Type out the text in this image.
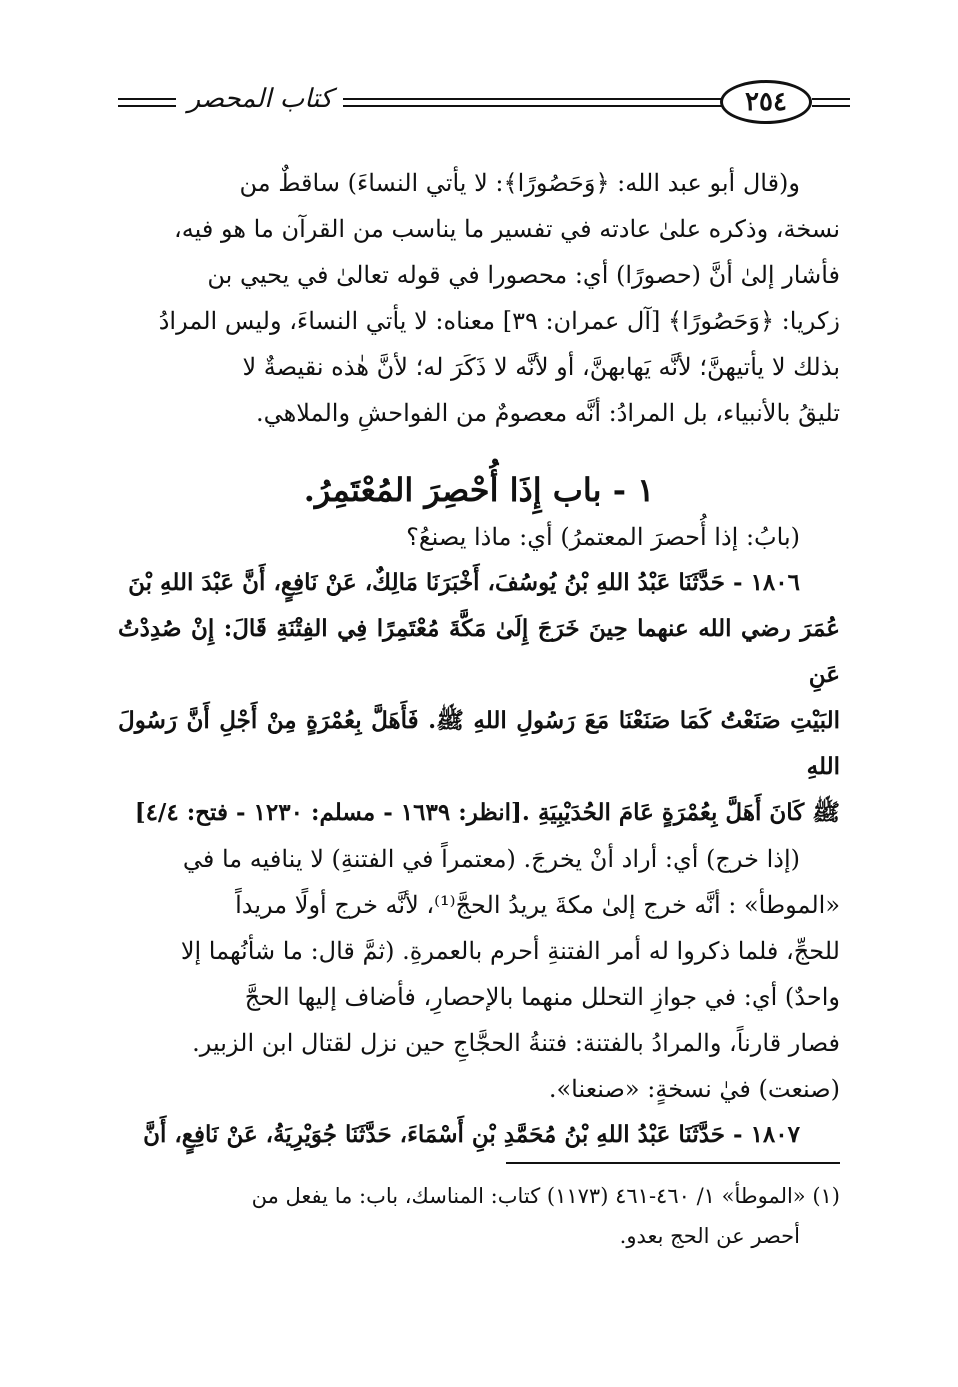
كتاب المحصر	٢٥٤

و(قال أبو عبد الله: ﴿وَحَصُورًا﴾: لا يأتي النساءَ) ساقطٌ من
نسخة، وذكره علىٰ عادته في تفسير ما يناسب من القرآن ما هو فيه،
فأشار إلىٰ أنَّ (حصورًا) أي: محصورا في قوله تعالىٰ في يحيي بن
زكريا: ﴿وَحَصُورًا﴾ [آل عمران: ٣٩] معناه: لا يأتي النساءَ، وليس المرادُ
بذلك لا يأتيهنَّ؛ لأنَّه يَهابهنَّ، أو لأنَّه لا ذَكَرَ له؛ لأنَّ هٰذه نقيصةٌ لا
تليقُ بالأنبياء، بل المرادُ: أنَّه معصومٌ من الفواحشِ والملاهي.

١ - باب إِذَا أُحْصِرَ المُعْتَمِرُ.

(بابُ: إذا أُحصرَ المعتمرُ) أي: ماذا يصنعُ؟

١٨٠٦ - حَدَّثَنَا عَبْدُ اللهِ بْنُ يُوسُفَ، أَخْبَرَنَا مَالِكٌ، عَنْ نَافِعٍ، أَنَّ عَبْدَ اللهِ بْنَ
عُمَرَ رضي الله عنهما حِينَ خَرَجَ إِلَىٰ مَكَّةَ مُعْتَمِرًا فِي الفِتْنَةِ قَالَ: إِنْ صُدِدْتُ عَنِ
البَيْتِ صَنَعْتُ كَمَا صَنَعْنَا مَعَ رَسُولِ اللهِ ﷺ. فَأَهَلَّ بِعُمْرَةٍ مِنْ أَجْلِ أَنَّ رَسُولَ اللهِ
ﷺ كَانَ أَهَلَّ بِعُمْرَةٍ عَامَ الحُدَيْبِيَةِ .[انظر: ١٦٣٩ - مسلم: ١٢٣٠ - فتح: ٤/٤]

(إذا خرج) أي: أراد أنْ يخرجَ. (معتمراً في الفتنةِ) لا ينافيه ما في
«الموطأ» : أنَّه خرج إلىٰ مكةَ يريدُ الحجَّ⁽¹⁾، لأنَّه خرج أولًا مريداً
للحجِّ، فلما ذكروا له أمر الفتنةِ أحرم بالعمرةِ. (ثمَّ قال: ما شأنُهما إلا
واحدٌ) أي: في جوازِ التحلل منهما بالإحصارِ، فأضاف إليها الحجَّ
فصار قارناً، والمرادُ بالفتنة: فتنةُ الحجَّاجِ حين نزل لقتال ابن الزبير.
(صنعت) فيٰ نسخةٍ: «صنعنا».

١٨٠٧ - حَدَّثَنَا عَبْدُ اللهِ بْنُ مُحَمَّدِ بْنِ أَسْمَاءَ، حَدَّثَنَا جُوَيْرِيَةُ، عَنْ نَافِعٍ، أَنَّ

(١) «الموطأ» ١/ ٤٦٠-٤٦١ (١١٧٣) كتاب: المناسك، باب: ما يفعل من
أحصر عن الحج بعدو.
